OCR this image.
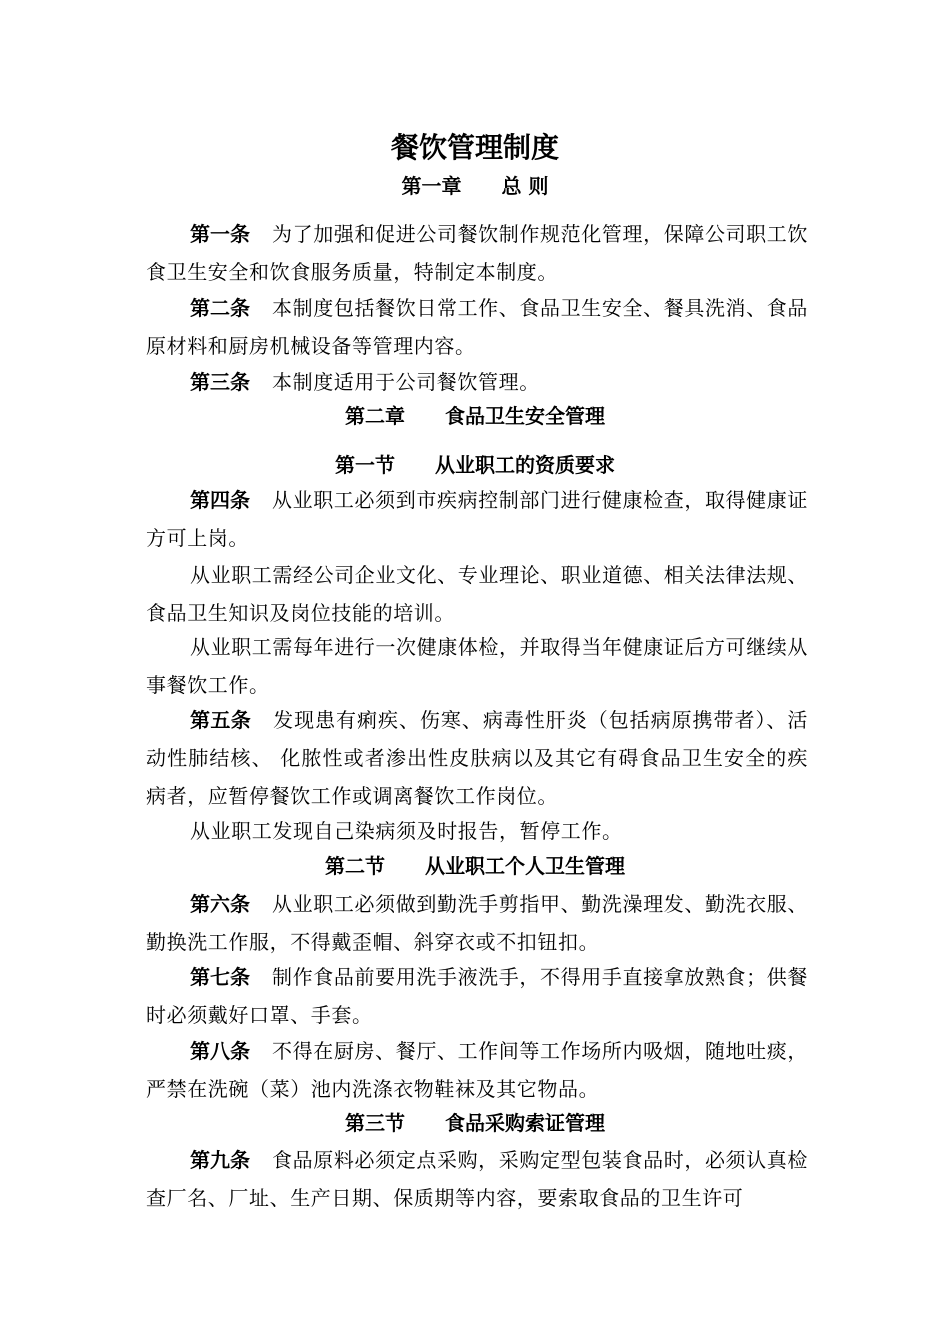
餐饮管理制度
第一章 总 则
第一条 为了加强和促进公司餐饮制作规范化管理，保障公司职工饮食卫生安全和饮食服务质量，特制定本制度。
第二条 本制度包括餐饮日常工作、食品卫生安全、餐具洗消、食品原材料和厨房机械设备等管理内容。
第三条 本制度适用于公司餐饮管理。
第二章 食品卫生安全管理
第一节 从业职工的资质要求
第四条 从业职工必须到市疾病控制部门进行健康检查，取得健康证方可上岗。
从业职工需经公司企业文化、专业理论、职业道德、相关法律法规、食品卫生知识及岗位技能的培训。
从业职工需每年进行一次健康体检，并取得当年健康证后方可继续从事餐饮工作。
第五条 发现患有痢疾、伤寒、病毒性肝炎（包括病原携带者）、活动性肺结核、 化脓性或者渗出性皮肤病以及其它有碍食品卫生安全的疾病者，应暂停餐饮工作或调离餐饮工作岗位。
从业职工发现自己染病须及时报告，暂停工作。
第二节 从业职工个人卫生管理
第六条 从业职工必须做到勤洗手剪指甲、勤洗澡理发、勤洗衣服、勤换洗工作服，不得戴歪帽、斜穿衣或不扣钮扣。
第七条 制作食品前要用洗手液洗手，不得用手直接拿放熟食；供餐时必须戴好口罩、手套。
第八条 不得在厨房、餐厅、工作间等工作场所内吸烟，随地吐痰，严禁在洗碗（菜）池内洗涤衣物鞋袜及其它物品。
第三节 食品采购索证管理
第九条 食品原料必须定点采购，采购定型包装食品时，必须认真检查厂名、厂址、生产日期、保质期等内容，要索取食品的卫生许可
